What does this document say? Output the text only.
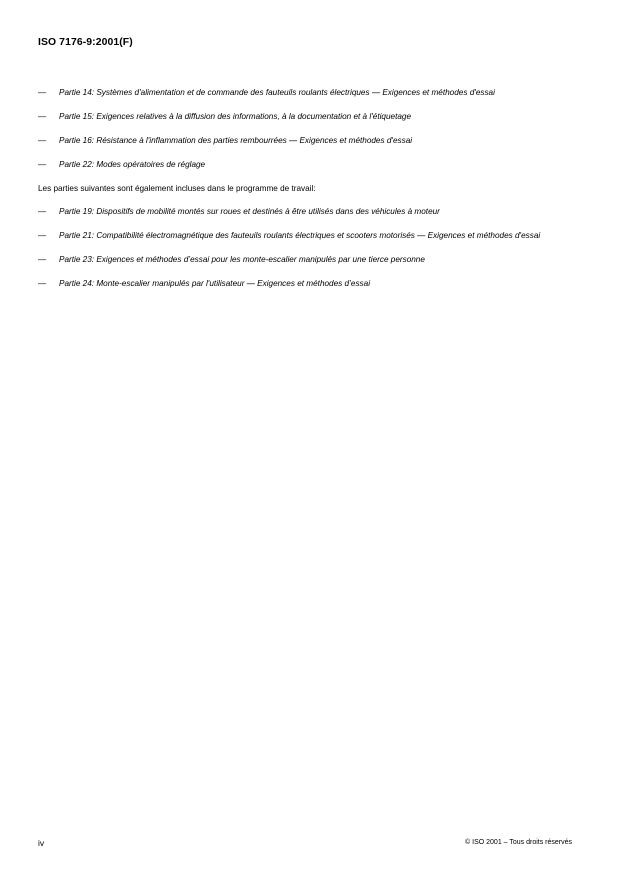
ISO 7176-9:2001(F)
— Partie 14: Systèmes d'alimentation et de commande des fauteuils roulants électriques — Exigences et méthodes d'essai
— Partie 15: Exigences relatives à la diffusion des informations, à la documentation et à l'étiquetage
— Partie 16: Résistance à l'inflammation des parties rembourrées — Exigences et méthodes d'essai
— Partie 22: Modes opératoires de réglage
Les parties suivantes sont également incluses dans le programme de travail:
— Partie 19: Dispositifs de mobilité montés sur roues et destinés à être utilisés dans des véhicules à moteur
— Partie 21: Compatibilité électromagnétique des fauteuils roulants électriques et scooters motorisés — Exigences et méthodes d'essai
— Partie 23: Exigences et méthodes d’essai pour les monte-escalier manipulés par une tierce personne
— Partie 24: Monte-escalier manipulés par l'utilisateur — Exigences et méthodes d’essai
iv	© ISO 2001 – Tous droits réservés
